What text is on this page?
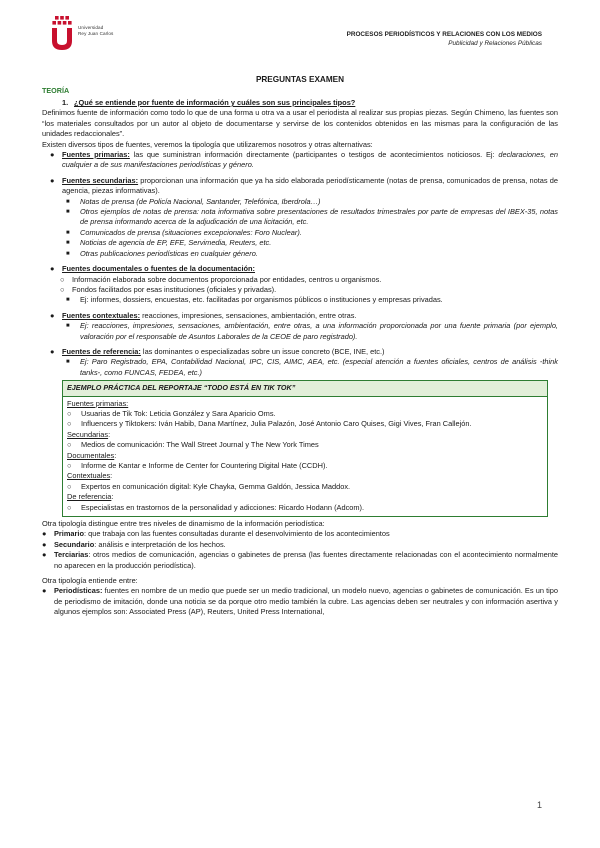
Universidad
Rey Juan Carlos	PROCESOS PERIODÍSTICOS Y RELACIONES CON LOS MEDIOS
Publicidad y Relaciones Públicas
PREGUNTAS EXAMEN
TEORÍA
1. ¿Qué se entiende por fuente de información y cuáles son sus principales tipos?

Definimos fuente de información como todo lo que de una forma u otra va a usar el periodista al realizar sus propias piezas. Según Chimeno, las fuentes son “los materiales consultados por un autor al objeto de documentarse y servirse de los contenidos obtenidos en las mismas para la configuración de las unidades redaccionales”.

Existen diversos tipos de fuentes, veremos la tipología que utilizaremos nosotros y otras alternativas:

● Fuentes primarias: las que suministran información directamente (participantes o testigos de acontecimientos noticiosos. Ej: declaraciones, en cualquier a de sus manifestaciones periodísticas y género.
● Fuentes secundarias: proporcionan una información que ya ha sido elaborada periodísticamente (notas de prensa, comunicados de prensa, notas de agencia, piezas informativas).
■ Notas de prensa (de Policía Nacional, Santander, Telefónica, Iberdrola…)
■ Otros ejemplos de notas de prensa: nota informativa sobre presentaciones de resultados trimestrales por parte de empresas del IBEX-35, notas de prensa informando acerca de la adjudicación de una licitación, etc.
■ Comunicados de prensa (situaciones excepcionales: Foro Nuclear).
■ Noticias de agencia de EP, EFE, Servimedia, Reuters, etc.
■ Otras publicaciones periodísticas en cualquier género.
● Fuentes documentales o fuentes de la documentación:
○ Información elaborada sobre documentos proporcionada por entidades, centros u organismos.
○ Fondos facilitados por esas instituciones (oficiales y privadas).
■ Ej: informes, dossiers, encuestas, etc. facilitadas por organismos públicos o instituciones y empresas privadas.
● Fuentes contextuales: reacciones, impresiones, sensaciones, ambientación, entre otras.
■ Ej: reacciones, impresiones, sensaciones, ambientación, entre otras, a una información proporcionada por una fuente primaria (por ejemplo, valoración por el responsable de Asuntos Laborales de la CEOE de paro registrado).
● Fuentes de referencia: las dominantes o especializadas sobre un issue concreto (BCE, INE, etc.)
■ Ej: Paro Registrado, EPA, Contabilidad Nacional, IPC, CIS, AIMC, AEA, etc. (especial atención a fuentes oficiales, centros de análisis -think tanks-, como FUNCAS, FEDEA, etc.)
EJEMPLO PRÁCTICA DEL REPORTAJE “TODO ESTÁ EN TIK TOK”
Fuentes primarias:
○ Usuarias de Tik Tok: Leticia González y Sara Aparicio Oms.
○ Influencers y Tiktokers: Iván Habib, Dana Martínez, Julia Palazón, José Antonio Caro Quises, Gigi Vives, Fran Callejón.
Secundarias:
○ Medios de comunicación: The Wall Street Journal y The New York Times
Documentales:
○ Informe de Kantar e Informe de Center for Countering Digital Hate (CCDH).
Contextuales:
○ Expertos en comunicación digital: Kyle Chayka, Gemma Galdón, Jessica Maddox.
De referencia:
○ Especialistas en trastornos de la personalidad y adicciones: Ricardo Hodann (Adcom).

Otra tipología distingue entre tres niveles de dinamismo de la información periodística:

● Primario: que trabaja con las fuentes consultadas durante el desenvolvimiento de los acontecimientos
● Secundario: análisis e interpretación de los hechos.
● Terciarias: otros medios de comunicación, agencias o gabinetes de prensa (las fuentes directamente relacionadas con el acontecimiento normalmente no aparecen en la producción periodística).

Otra tipología entiende entre:

● Periodísticas: fuentes en nombre de un medio que puede ser un medio tradicional, un modelo nuevo, agencias o gabinetes de comunicación. Es un tipo de periodismo de imitación, donde una noticia se da porque otro medio también la cubre. Las agencias deben ser neutrales y con información asertiva y algunos ejemplos son: Associated Press (AP), Reuters, United Press International,
1
